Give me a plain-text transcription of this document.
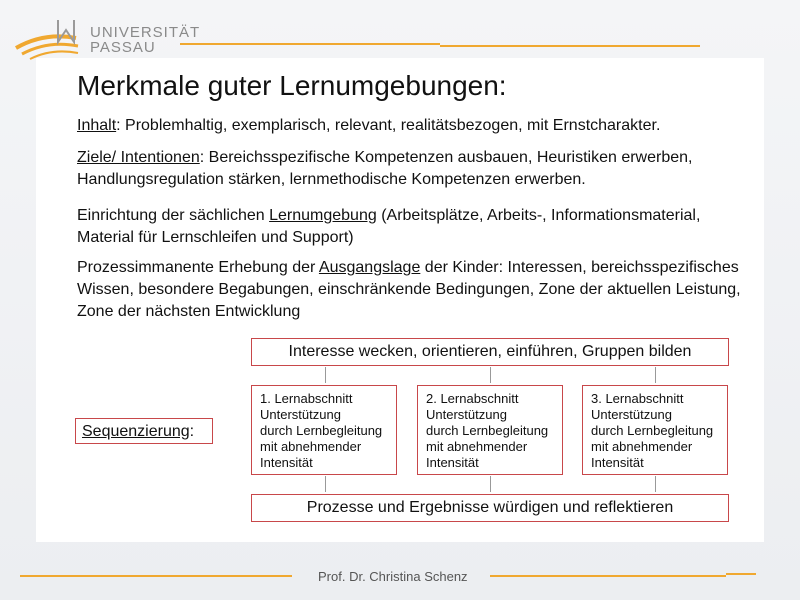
UNIVERSITÄT
PASSAU
Merkmale guter Lernumgebungen:
Inhalt: Problemhaltig, exemplarisch, relevant, realitätsbezogen, mit Ernstcharakter.
Ziele/ Intentionen: Bereichsspezifische Kompetenzen ausbauen, Heuristiken erwerben, Handlungsregulation stärken, lernmethodische Kompetenzen erwerben.
Einrichtung der sächlichen Lernumgebung (Arbeitsplätze, Arbeits-, Informationsmaterial, Material für Lernschleifen und Support)
Prozessimmanente Erhebung der Ausgangslage der Kinder: Interessen, bereichsspezifisches Wissen, besondere Begabungen, einschränkende Bedingungen, Zone der aktuellen Leistung, Zone der nächsten Entwicklung
Interesse wecken, orientieren, einführen, Gruppen bilden
1. Lernabschnitt
Unterstützung
durch Lernbegleitung
mit abnehmender
Intensität
2. Lernabschnitt
Unterstützung
durch Lernbegleitung
mit abnehmender
Intensität
3. Lernabschnitt
Unterstützung
durch Lernbegleitung
mit abnehmender
Intensität
Prozesse und Ergebnisse würdigen und reflektieren
Sequenzierung:
Prof. Dr. Christina Schenz
